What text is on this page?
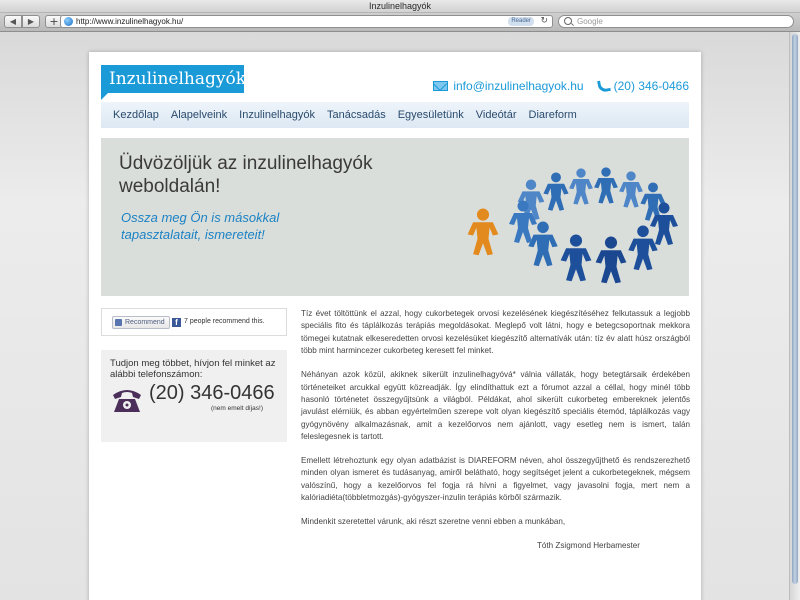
Inzulinelhagyók
◀	▶	+	http://www.inzulinelhagyok.hu/	Reader	↻	Google
Inzulinelhagyók	info@inzulinelhagyok.hu	(20) 346-0466
Kezdőlap	Alapelveink	Inzulinelhagyók	Tanácsadás	Egyesületünk	Videótár	Diareform
Üdvözöljük az inzulinelhagyók weboldalán!
Ossza meg Ön is másokkal tapasztalatait, ismereteit!
Recommend	f 7 people recommend this.
Tudjon meg többet, hívjon fel minket az alábbi telefonszámon:
(20) 346-0466
(nem emelt díjas!)

Tíz évet töltöttünk el azzal, hogy cukorbetegek orvosi kezelésének kiegészítéséhez felkutassuk a legjobb speciális fito és táplálkozás terápiás megoldásokat. Meglepő volt látni, hogy e betegcsoportnak mekkora tömegei kutatnak elkeseredetten orvosi kezelésüket kiegészítő alternatívák után: tíz év alatt húsz országból több mint harmincezer cukorbeteg keresett fel minket.

Néhányan azok közül, akiknek sikerült inzulinelhagyóvá* válnia vállaták, hogy betegtársaik érdekében történeteiket arcukkal együtt közreadják. Így elindíthattuk ezt a fórumot azzal a céllal, hogy minél több hasonló történetet összegyűjtsünk a világból. Példákat, ahol sikerült cukorbeteg embereknek jelentős javulást elérniük, és abban egyértelműen szerepe volt olyan kiegészítő speciális étemód, táplálkozás vagy gyógynövény alkalmazásnak, amit a kezelőorvos nem ajánlott, vagy esetleg nem is ismert, talán feleslegesnek is tartott.

Emellett létrehoztunk egy olyan adatbázist is DIAREFORM néven, ahol összegyűjthető és rendszerezhető minden olyan ismeret és tudásanyag, amiről belátható, hogy segítséget jelent a cukorbetegeknek, mégsem valószínű, hogy a kezelőorvos fel fogja rá hívni a figyelmet, vagy javasolni fogja, mert nem a kalóriadiéta(többletmozgás)-gyógyszer-inzulin terápiás körből származik.

Mindenkit szeretettel várunk, aki részt szeretne venni ebben a munkában,

Tóth Zsigmond Herbamester
